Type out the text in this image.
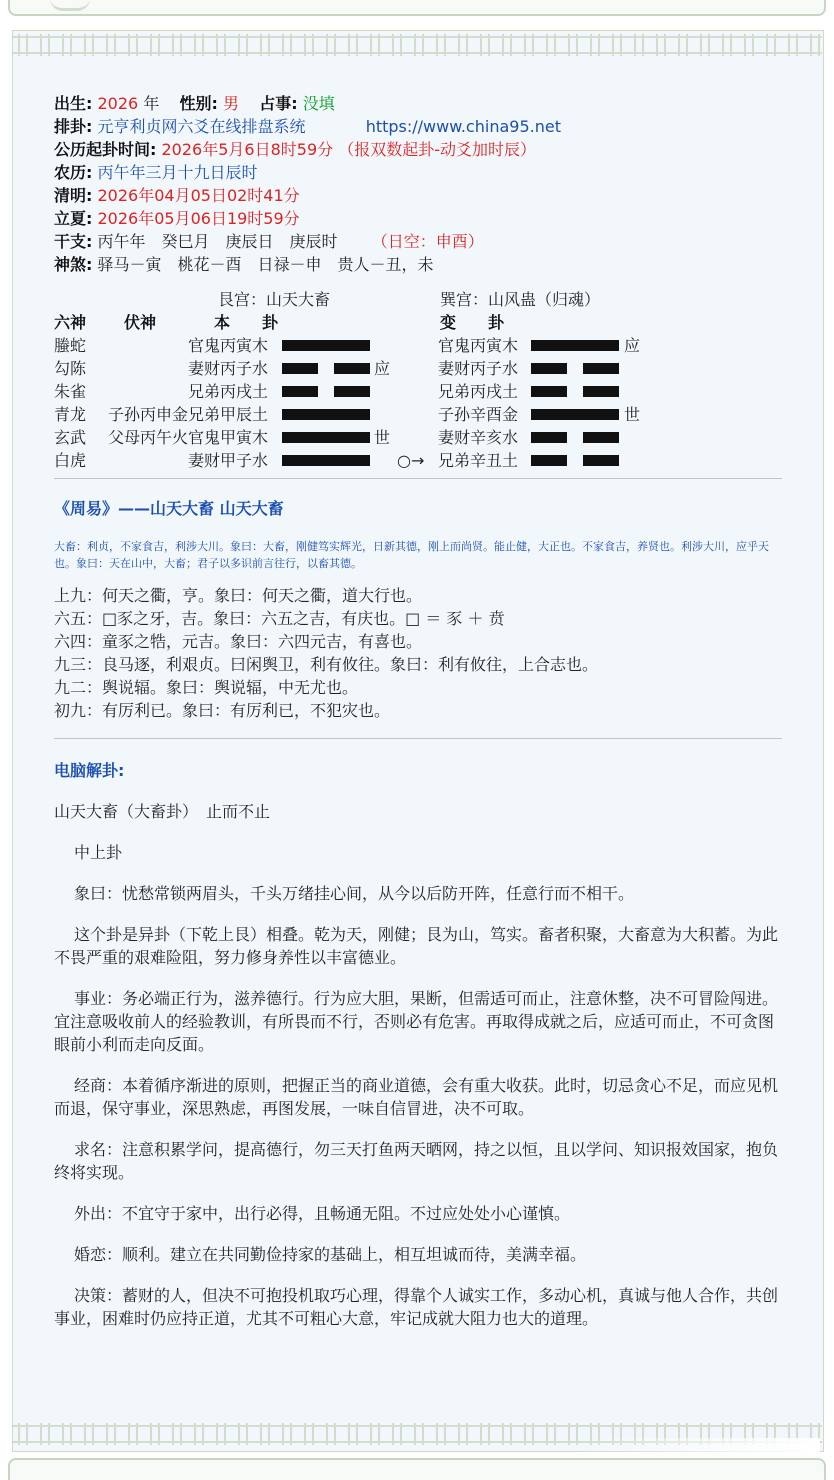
出生: 2026 年 性别: 男 占事: 没填
排卦: 元亨利贞网六爻在线排盘系统	https://www.china95.net
公历起卦时间: 2026年5月6日8时59分 （报双数起卦-动爻加时辰）
农历: 丙午年三月十九日辰时
清明: 2026年04月05日02时41分
立夏: 2026年05月06日19时59分
干支: 丙午年　癸巳月　庚辰日　庚辰时 （日空：申酉）
神煞: 驿马－寅　桃花－酉　日禄－申　贵人－丑，未
艮宫：山天大畜	巽宫：山风蛊（归魂）
六神 伏神	本　　卦	变　　卦
螣蛇	官鬼丙寅木	官鬼丙寅木	应
勾陈	妻财丙子水	应	妻财丙子水
朱雀	兄弟丙戌土	兄弟丙戌土
青龙 子孙丙申金 兄弟甲辰土	子孙辛酉金	世
玄武 父母丙午火 官鬼甲寅木	世	妻财辛亥水
白虎	妻财甲子水	○→ 兄弟辛丑土
《周易》——山天大畜 山天大畜
大畜：利贞，不家食吉，利涉大川。象曰：大畜，刚健笃实辉光，日新其德，刚上而尚贤。能止健，大正也。不家食吉，养贤也。利涉大川，应乎天也。象曰：天在山中，大畜；君子以多识前言往行，以畜其德。
上九：何天之衢，亨。象曰：何天之衢，道大行也。
六五：□豕之牙，吉。象曰：六五之吉，有庆也。□ ＝ 豕 ＋ 贲
六四：童豕之牿，元吉。象曰：六四元吉，有喜也。
九三：良马逐，利艰贞。曰闲舆卫，利有攸往。象曰：利有攸往，上合志也。
九二：舆说辐。象曰：舆说辐，中无尤也。
初九：有厉利已。象曰：有厉利已，不犯灾也。
电脑解卦:
山天大畜（大畜卦）　止而不止
中上卦

象曰：忧愁常锁两眉头，千头万绪挂心间，从今以后防开阵，任意行而不相干。

这个卦是异卦（下乾上艮）相叠。乾为天，刚健；艮为山，笃实。畜者积聚，大畜意为大积蓄。为此不畏严重的艰难险阻，努力修身养性以丰富德业。

事业：务必端正行为，滋养德行。行为应大胆，果断，但需适可而止，注意休整，决不可冒险闯进。宜注意吸收前人的经验教训，有所畏而不行，否则必有危害。再取得成就之后，应适可而止，不可贪图眼前小利而走向反面。

经商：本着循序渐进的原则，把握正当的商业道德，会有重大收获。此时，切忌贪心不足，而应见机而退，保守事业，深思熟虑，再图发展，一味自信冒进，决不可取。

求名：注意积累学问，提高德行，勿三天打鱼两天晒网，持之以恒，且以学问、知识报效国家，抱负终将实现。

外出：不宜守于家中，出行必得，且畅通无阻。不过应处处小心谨慎。

婚恋：顺利。建立在共同勤俭持家的基础上，相互坦诚而待，美满幸福。

决策：蓄财的人，但决不可抱投机取巧心理，得靠个人诚实工作，多动心机，真诚与他人合作，共创事业，困难时仍应持正道，尤其不可粗心大意，牢记成就大阻力也大的道理。
